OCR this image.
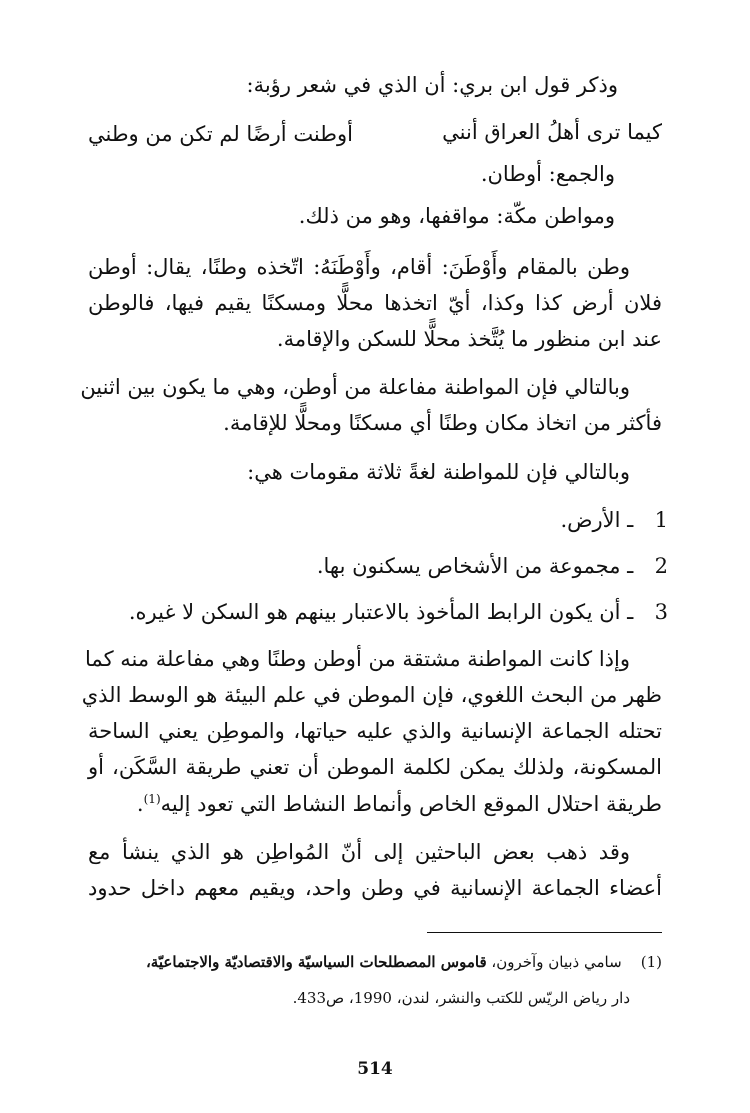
وذكر قول ابن بري: أن الذي في شعر رؤبة:
كيما ترى أهلُ العراق أنني
أوطنت أرضًا لم تكن من وطني
والجمع: أوطان.
ومواطن مكّة: مواقفها، وهو من ذلك.
وطن بالمقام وأَوْطَنَ: أقام، وأَوْطَنَهُ: اتّخذه وطنًا، يقال: أوطن
فلان أرض كذا وكذا، أيّ اتخذها محلًّا ومسكنًا يقيم فيها، فالوطن
عند ابن منظور ما يُتَّخذ محلًّا للسكن والإقامة.
وبالتالي فإن المواطنة مفاعلة من أوطن، وهي ما يكون بين اثنين
فأكثر من اتخاذ مكان وطنًا أي مسكنًا ومحلًّا للإقامة.
وبالتالي فإن للمواطنة لغةً ثلاثة مقومات هي:
1 ـ الأرض.
2 ـ مجموعة من الأشخاص يسكنون بها.
3 ـ أن يكون الرابط المأخوذ بالاعتبار بينهم هو السكن لا غيره.
وإذا كانت المواطنة مشتقة من أوطن وطنًا وهي مفاعلة منه كما
ظهر من البحث اللغوي، فإن الموطن في علم البيئة هو الوسط الذي
تحتله الجماعة الإنسانية والذي عليه حياتها، والموطِن يعني الساحة
المسكونة، ولذلك يمكن لكلمة الموطن أن تعني طريقة السَّكَن، أو
طريقة احتلال الموقع الخاص وأنماط النشاط التي تعود إليه$^{(1)}$.
وقد ذهب بعض الباحثين إلى أنّ المُواطِن هو الذي ينشأ مع
أعضاء الجماعة الإنسانية في وطن واحد، ويقيم معهم داخل حدود
(1)    سامي ذبيان وآخرون، قاموس المصطلحات السياسيّة والاقتصاديّة والاجتماعيّة،
دار رياض الريّس للكتب والنشر، لندن، 1990، ص433.
514
